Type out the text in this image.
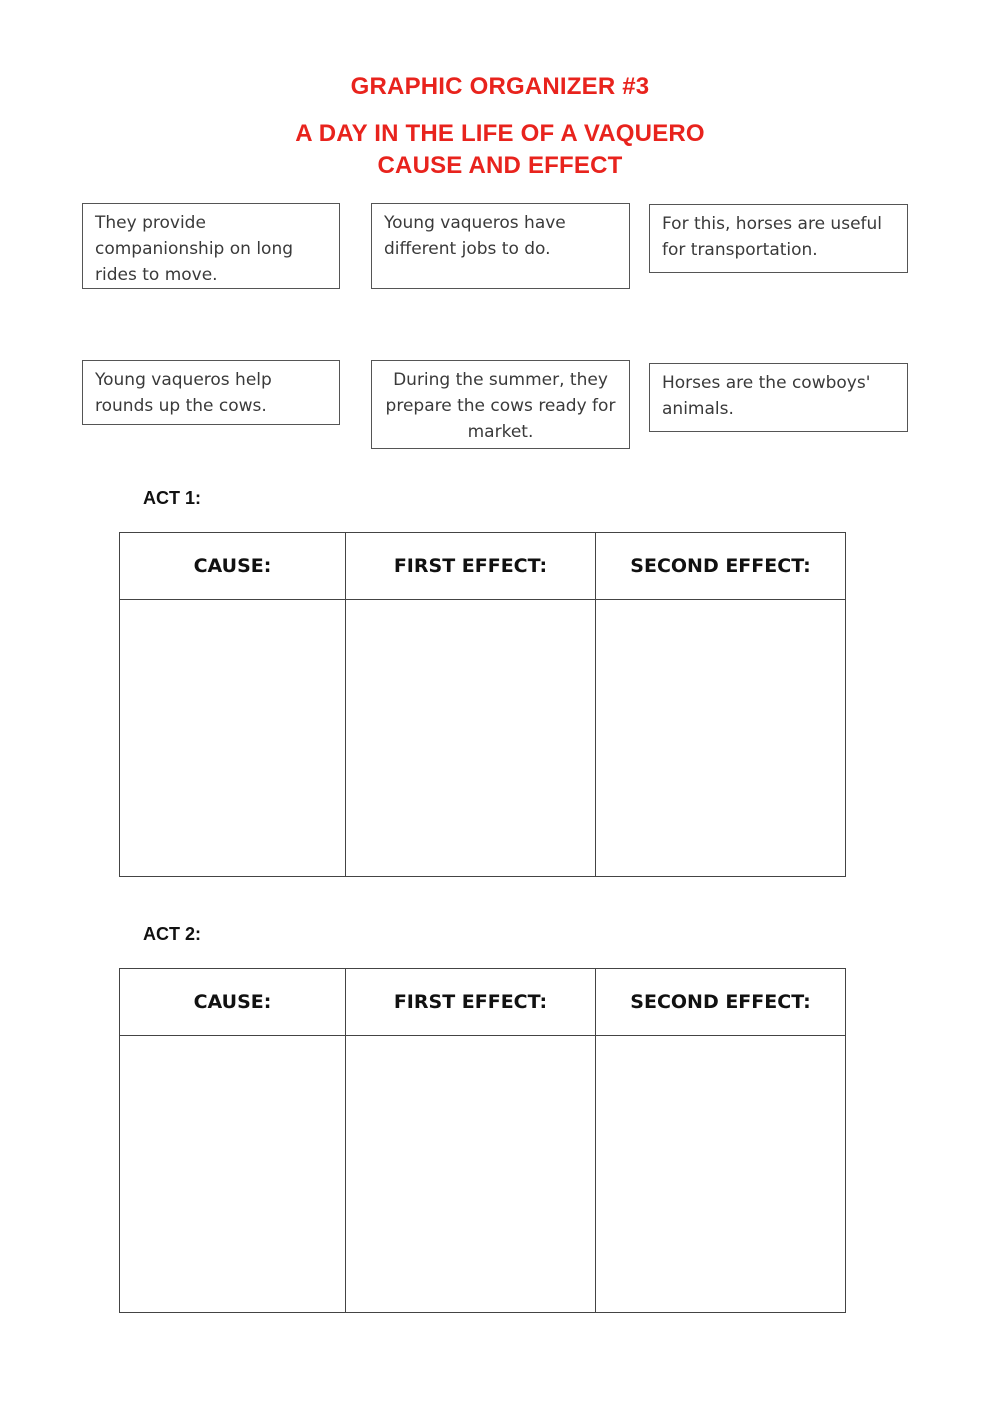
GRAPHIC ORGANIZER #3
A DAY IN THE LIFE OF A VAQUERO
CAUSE AND EFFECT
They provide companionship on long rides to move.
Young vaqueros have different jobs to do.
For this, horses are useful for transportation.
Young vaqueros help rounds up the cows.
During the summer, they prepare the cows ready for market.
Horses are the cowboys' animals.

ACT 1:

CAUSE:	FIRST EFFECT:	SECOND EFFECT:

ACT 2:

CAUSE:	FIRST EFFECT:	SECOND EFFECT:
